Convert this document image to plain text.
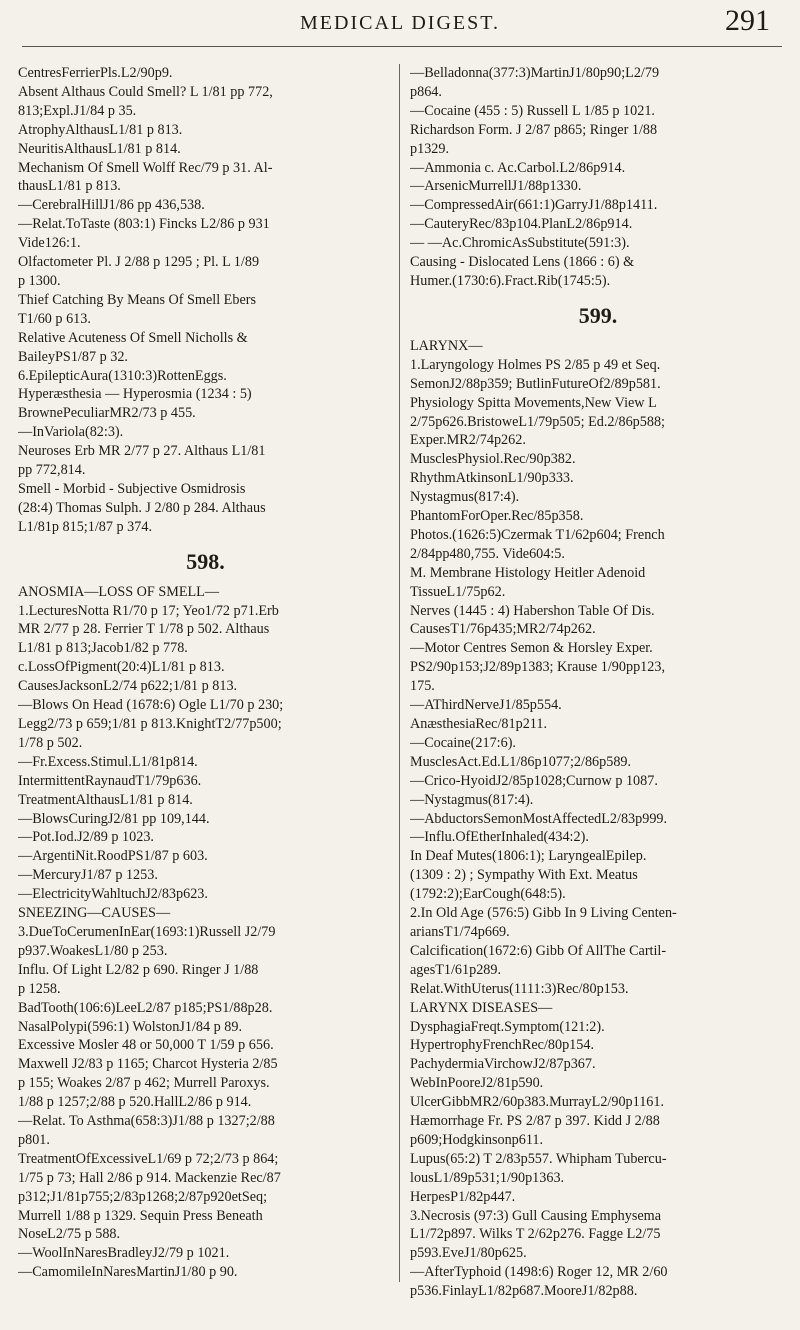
MEDICAL DIGEST.	291
CentresFerrierPls.L2/90p9.
Absent Althaus Could Smell? L 1/81 pp 772,
813;Expl.J1/84 p 35.
AtrophyAlthausL1/81 p 813.
NeuritisAlthausL1/81 p 814.
Mechanism Of Smell Wolff Rec/79 p 31. Al-
thausL1/81 p 813.
—CerebralHillJ1/86 pp 436,538.
—Relat.ToTaste (803:1) Fincks L2/86 p 931
Vide126:1.
Olfactometer Pl. J 2/88 p 1295 ; Pl. L 1/89
p 1300.
Thief Catching By Means Of Smell Ebers
T1/60 p 613.
Relative Acuteness Of Smell Nicholls &
BaileyPS1/87 p 32.
6.EpilepticAura(1310:3)RottenEggs.
Hyperæsthesia — Hyperosmia (1234 : 5)
BrownePeculiarMR2/73 p 455.
—InVariola(82:3).
Neuroses Erb MR 2/77 p 27. Althaus L1/81
pp 772,814.
Smell - Morbid - Subjective Osmidrosis
(28:4) Thomas Sulph. J 2/80 p 284. Althaus
L1/81p 815;1/87 p 374.
598.
ANOSMIA—LOSS OF SMELL—
1.LecturesNotta R1/70 p 17; Yeo1/72 p71.Erb
MR 2/77 p 28. Ferrier T 1/78 p 502. Althaus
L1/81 p 813;Jacob1/82 p 778.
c.LossOfPigment(20:4)L1/81 p 813.
CausesJacksonL2/74 p622;1/81 p 813.
—Blows On Head (1678:6) Ogle L1/70 p 230;
Legg2/73 p 659;1/81 p 813.KnightT2/77p500;
1/78 p 502.
—Fr.Excess.Stimul.L1/81p814.
IntermittentRaynaudT1/79p636.
TreatmentAlthausL1/81 p 814.
—BlowsCuringJ2/81 pp 109,144.
—Pot.Iod.J2/89 p 1023.
—ArgentiNit.RoodPS1/87 p 603.
—MercuryJ1/87 p 1253.
—ElectricityWahltuchJ2/83p623.
SNEEZING—CAUSES—
3.DueToCerumenInEar(1693:1)Russell J2/79
p937.WoakesL1/80 p 253.
Influ. Of Light L2/82 p 690. Ringer J 1/88
p 1258.
BadTooth(106:6)LeeL2/87 p185;PS1/88p28.
NasalPolypi(596:1) WolstonJ1/84 p 89.
Excessive Mosler 48 or 50,000 T 1/59 p 656.
Maxwell J2/83 p 1165; Charcot Hysteria 2/85
p 155; Woakes 2/87 p 462; Murrell Paroxys.
1/88 p 1257;2/88 p 520.HallL2/86 p 914.
—Relat. To Asthma(658:3)J1/88 p 1327;2/88
p801.
TreatmentOfExcessiveL1/69 p 72;2/73 p 864;
1/75 p 73; Hall 2/86 p 914. Mackenzie Rec/87
p312;J1/81p755;2/83p1268;2/87p920etSeq;
Murrell 1/88 p 1329. Sequin Press Beneath
NoseL2/75 p 588.
—WoolInNaresBradleyJ2/79 p 1021.
—CamomileInNaresMartinJ1/80 p 90.
—Belladonna(377:3)MartinJ1/80p90;L2/79
p864.
—Cocaine (455 : 5) Russell L 1/85 p 1021.
Richardson Form. J 2/87 p865; Ringer 1/88
p1329.
—Ammonia c. Ac.Carbol.L2/86p914.
—ArsenicMurrellJ1/88p1330.
—CompressedAir(661:1)GarryJ1/88p1411.
—CauteryRec/83p104.PlanL2/86p914.
— —Ac.ChromicAsSubstitute(591:3).
Causing - Dislocated Lens (1866 : 6) &
Humer.(1730:6).Fract.Rib(1745:5).
599.
LARYNX—
1.Laryngology Holmes PS 2/85 p 49 et Seq.
SemonJ2/88p359; ButlinFutureOf2/89p581.
Physiology Spitta Movements,New View L
2/75p626.BristoweL1/79p505; Ed.2/86p588;
Exper.MR2/74p262.
MusclesPhysiol.Rec/90p382.
RhythmAtkinsonL1/90p333.
Nystagmus(817:4).
PhantomForOper.Rec/85p358.
Photos.(1626:5)Czermak T1/62p604; French
2/84pp480,755. Vide604:5.
M. Membrane Histology Heitler Adenoid
TissueL1/75p62.
Nerves (1445 : 4) Habershon Table Of Dis.
CausesT1/76p435;MR2/74p262.
—Motor Centres Semon & Horsley Exper.
PS2/90p153;J2/89p1383; Krause 1/90pp123,
175.
—AThirdNerveJ1/85p554.
AnæsthesiaRec/81p211.
—Cocaine(217:6).
MusclesAct.Ed.L1/86p1077;2/86p589.
—Crico-HyoidJ2/85p1028;Curnow p 1087.
—Nystagmus(817:4).
—AbductorsSemonMostAffectedL2/83p999.
—Influ.OfEtherInhaled(434:2).
In Deaf Mutes(1806:1); LaryngealEpilep.
(1309 : 2) ; Sympathy With Ext. Meatus
(1792:2);EarCough(648:5).
2.In Old Age (576:5) Gibb In 9 Living Centen-
ariansT1/74p669.
Calcification(1672:6) Gibb Of AllThe Cartil-
agesT1/61p289.
Relat.WithUterus(1111:3)Rec/80p153.
LARYNX DISEASES—
DysphagiaFreqt.Symptom(121:2).
HypertrophyFrenchRec/80p154.
PachydermiaVirchowJ2/87p367.
WebInPooreJ2/81p590.
UlcerGibbMR2/60p383.MurrayL2/90p1161.
Hæmorrhage Fr. PS 2/87 p 397. Kidd J 2/88
p609;Hodgkinsonp611.
Lupus(65:2) T 2/83p557. Whipham Tubercu-
lousL1/89p531;1/90p1363.
HerpesP1/82p447.
3.Necrosis (97:3) Gull Causing Emphysema
L1/72p897. Wilks T 2/62p276. Fagge L2/75
p593.EveJ1/80p625.
—AfterTyphoid (1498:6) Roger 12, MR 2/60
p536.FinlayL1/82p687.MooreJ1/82p88.
